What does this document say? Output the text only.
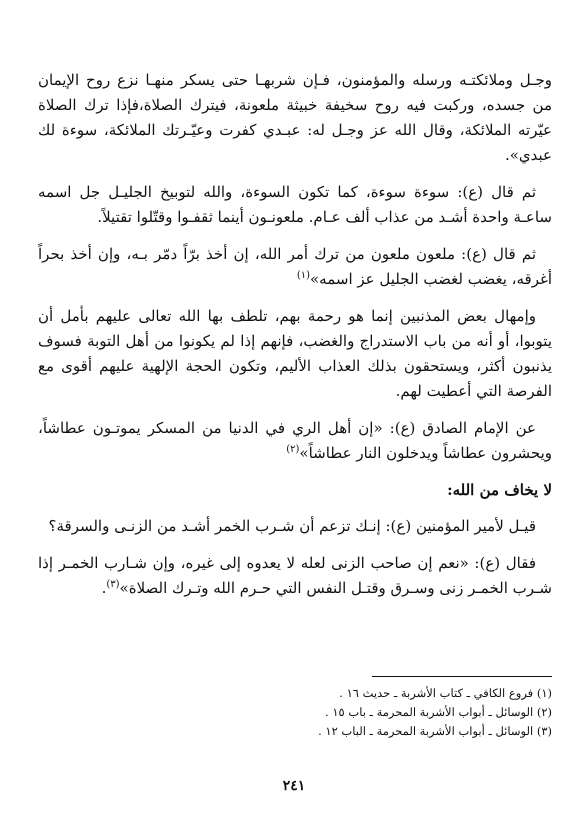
وجـل وملائكتـه ورسله والمؤمنون، فـإن شربهـا حتى يسكر منهـا نزع روح الإيمان من جسده، وركبت فيه روح سخيفة خبيثة ملعونة، فيترك الصلاة،فإذا ترك الصلاة عيّرته الملائكة، وقال الله عز وجـل له: عبـدي كفرت وعيّـرتك الملائكة، سوءة لك عبدي».

ثم قال (ع): سوءة سوءة، كما تكون السوءة، والله لتوبيخ الجليـل جل اسمه ساعـة واحدة أشـد من عذاب ألف عـام. ملعونـون أينما ثقفـوا وقتّلوا تقتيلاً.

ثم قال (ع): ملعون ملعون من ترك أمر الله، إن أخذ برّاً دمّر بـه، وإن أخذ بحراً أغرقه، يغضب لغضب الجليل عز اسمه»$^{(١)}$

وإمهال بعض المذنبين إنما هو رحمة بهم، تلطف بها الله تعالى عليهم بأمل أن يتوبوا، أو أنه من باب الاستدراج والغضب، فإنهم إذا لم يكونوا من أهل التوبة فسوف يذنبون أكثر، ويستحقون بذلك العذاب الأليم، وتكون الحجة الإلهية عليهم أقوى مع الفرصة التي أعطيت لهم.

عن الإمام الصادق (ع): «إن أهل الري في الدنيا من المسكر يموتـون عطاشاً، ويحشرون عطاشاً ويدخلون النار عطاشاً»$^{(٢)}$

لا يخاف من الله:

قيـل لأمير المؤمنين (ع): إنـك تزعم أن شـرب الخمر أشـد من الزنـى والسرقة؟

فقال (ع): «نعم إن صاحب الزنى لعله لا يعدوه إلى غيره، وإن شـارب الخمـر إذا شـرب الخمـر زنى وسـرق وقتـل النفس التي حـرم الله وتـرك الصلاة»$^{(٣)}$.

(١) فروع الكافي ـ كتاب الأشربة ـ حديث ١٦ .

(٢) الوسائل ـ أبواب الأشربة المحرمة ـ باب ١٥ .

(٣) الوسائل ـ أبواب الأشربة المحرمة ـ الباب ١٢ .

٢٤١
